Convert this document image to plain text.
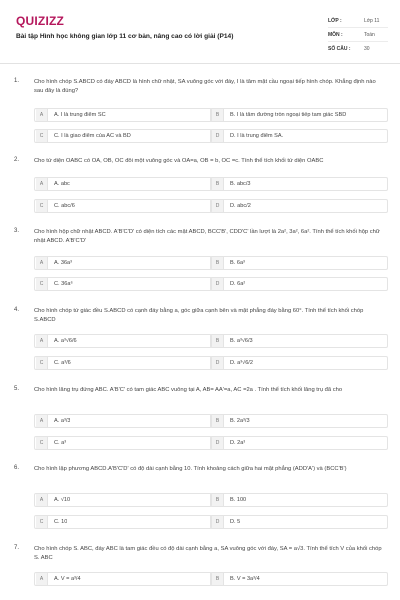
QUIZIZZ
Bài tập Hình học không gian lớp 11 cơ bản, nâng cao có lời giải (P14)
LỚP :	Lớp 11
MÔN :	Toán
SỐ CÂU :	30
1.	Cho hình chóp S.ABCD có đáy ABCD là hình chữ nhật, SA vuông góc với đáy, I là tâm mặt cầu ngoại tiếp hình chóp. Khẳng định nào sau đây là đúng?
A	A. I là trung điểm SC	B	B. I là tâm đường tròn ngoại tiếp tam giác SBD
C	C. I là giao điểm của AC và BD	D	D. I là trung điểm SA.
2.	Cho tứ diện OABC có OA, OB, OC đôi một vuông góc và OA=a, OB = b, OC =c. Tính thể tích khối tứ diện OABC
A	A. abc	B	B. abc/3
C	C. abc/6	D	D. abc/2
3.	Cho hình hộp chữ nhật ABCD. A'B'C'D' có diện tích các mặt ABCD, BCC'B', CDD'C' lần lượt là 2a², 3a², 6a². Tính thể tích khối hộp chữ nhật ABCD. A'B'C'D'
A	A. 36a³	B	B. 6a³
C	C. 36a⁶	D	D. 6a²
4.	Cho hình chóp tứ giác đều S.ABCD có cạnh đáy bằng a, góc giữa cạnh bên và mặt phẳng đáy bằng 60°. Tính thể tích khối chóp S.ABCD
A	A. a³√6/6	B	B. a³√6/3
C	C. a³/6	D	D. a³√6/2
5.	Cho hình lăng trụ đứng ABC. A'B'C' có tam giác ABC vuông tại A, AB= AA'=a, AC =2a . Tính thể tích khối lăng trụ đã cho
A	A. a³/3	B	B. 2a³/3
C	C. a³	D	D. 2a³
6.	Cho hình lập phương ABCD.A'B'C'D' có độ dài cạnh bằng 10. Tính khoảng cách giữa hai mặt phẳng (ADD'A') và (BCC'B')
A	A. √10	B	B. 100
C	C. 10	D	D. 5
7.	Cho hình chóp S. ABC, đáy ABC là tam giác đều có độ dài cạnh bằng a, SA vuông góc với đáy, SA = a√3. Tính thể tích V của khối chóp S. ABC
A	A. V = a³/4	B	B. V = 3a³/4
